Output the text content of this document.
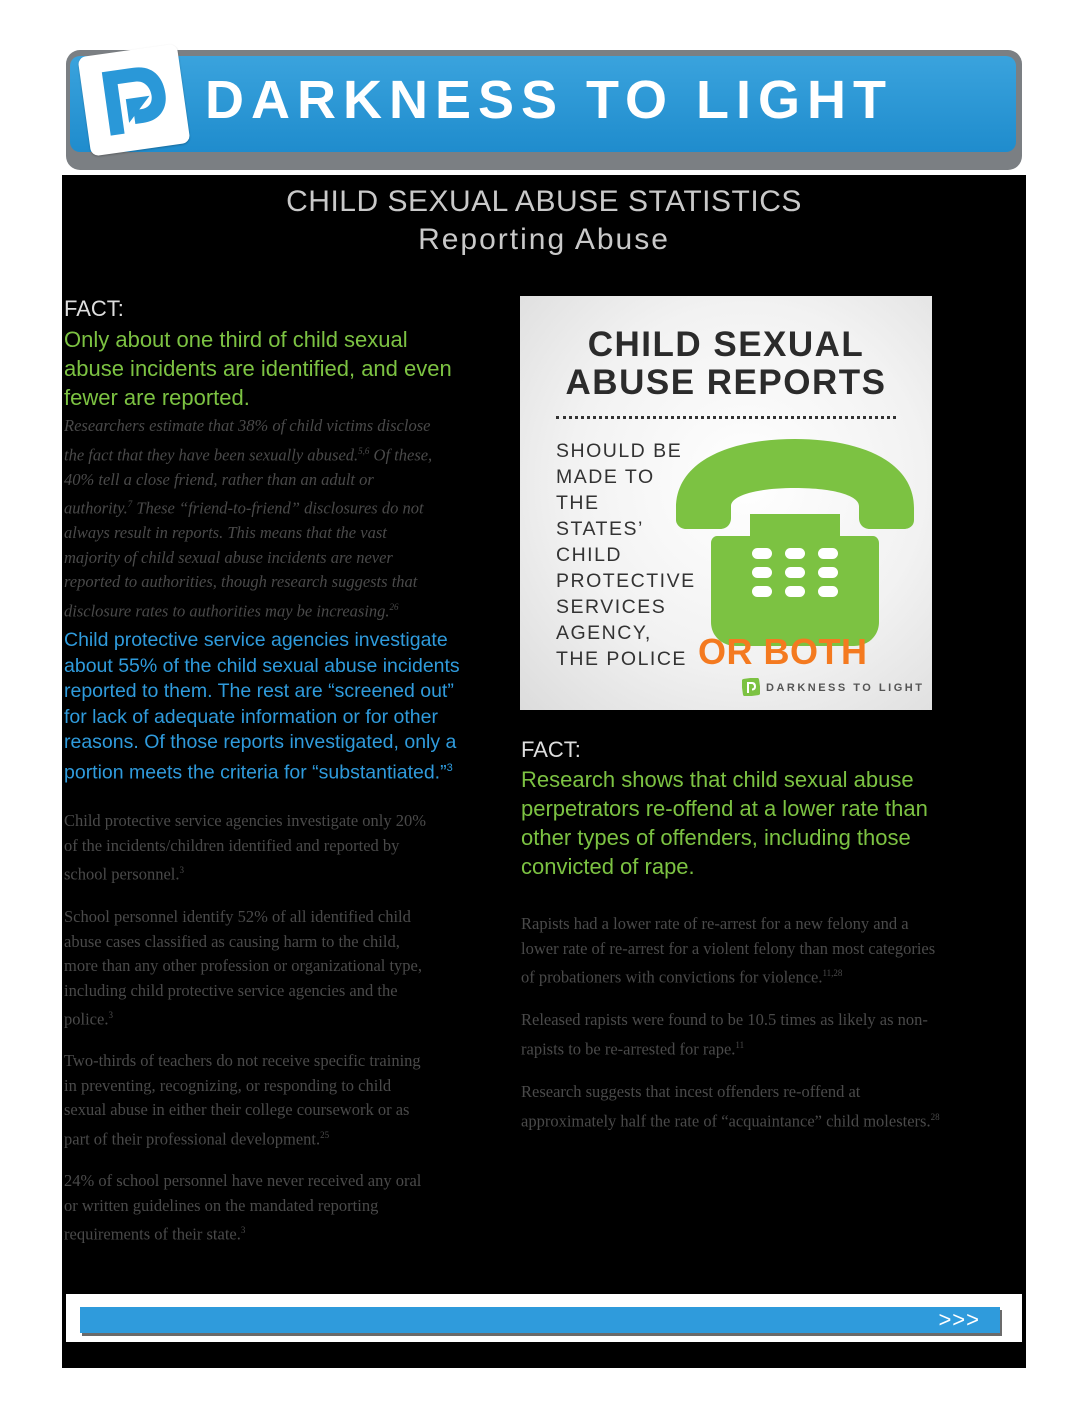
DARKNESS TO LIGHT
CHILD SEXUAL ABUSE STATISTICS
Reporting Abuse
FACT:
Only about one third of child sexual
abuse incidents are identified, and even
fewer are reported.
Researchers estimate that 38% of child victims disclose
the fact that they have been sexually abused.$^{5,6}$ Of these,
40% tell a close friend, rather than an adult or
authority.$^7$ These “friend-to-friend” disclosures do not
always result in reports. This means that the vast
majority of child sexual abuse incidents are never
reported to authorities, though research suggests that
disclosure rates to authorities may be increasing.$^{26}$
Child protective service agencies investigate
about 55% of the child sexual abuse incidents
reported to them. The rest are “screened out”
for lack of adequate information or for other
reasons. Of those reports investigated, only a
portion meets the criteria for “substantiated.”$^3$
Child protective service agencies investigate only 20%
of the incidents/children identified and reported by
school personnel.$^3$
School personnel identify 52% of all identified child
abuse cases classified as causing harm to the child,
more than any other profession or organizational type,
including child protective service agencies and the
police.$^3$
Two-thirds of teachers do not receive specific training
in preventing, recognizing, or responding to child
sexual abuse in either their college coursework or as
part of their professional development.$^{25}$
24% of school personnel have never received any oral
or written guidelines on the mandated reporting
requirements of their state.$^3$
CHILD SEXUAL
ABUSE REPORTS
SHOULD BE
MADE TO
THE
STATES’
CHILD
PROTECTIVE
SERVICES
AGENCY,
THE POLICE OR BOTH
DARKNESS TO LIGHT
FACT:
Research shows that child sexual abuse
perpetrators re-offend at a lower rate than
other types of offenders, including those
convicted of rape.
Rapists had a lower rate of re-arrest for a new felony and a
lower rate of re-arrest for a violent felony than most categories
of probationers with convictions for violence.$^{11,28}$
Released rapists were found to be 10.5 times as likely as non-
rapists to be re-arrested for rape.$^{11}$
Research suggests that incest offenders re-offend at
approximately half the rate of “acquaintance” child molesters.$^{28}$
>>>
